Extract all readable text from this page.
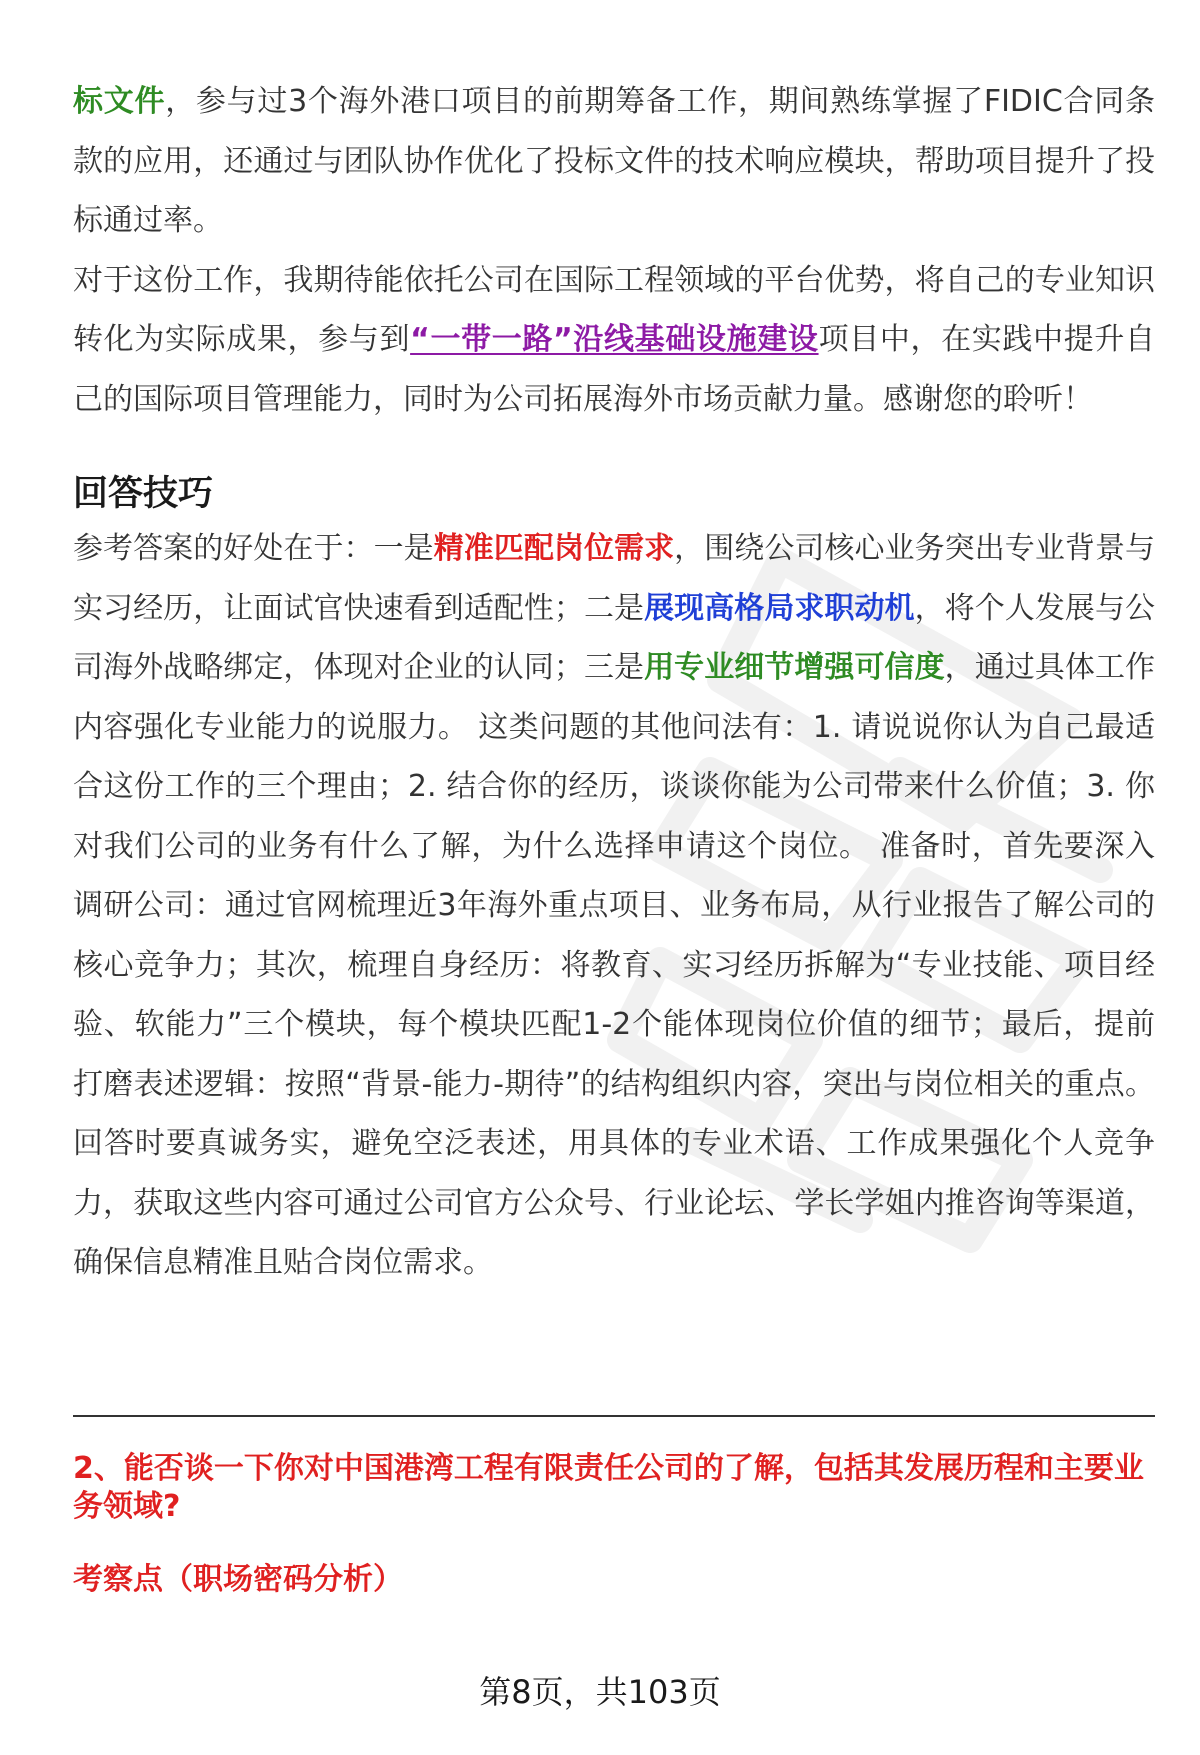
标文件，参与过3个海外港口项目的前期筹备工作，期间熟练掌握了FIDIC合同条款的应用，还通过与团队协作优化了投标文件的技术响应模块，帮助项目提升了投标通过率。

对于这份工作，我期待能依托公司在国际工程领域的平台优势，将自己的专业知识转化为实际成果，参与到“一带一路”沿线基础设施建设项目中，在实践中提升自己的国际项目管理能力，同时为公司拓展海外市场贡献力量。感谢您的聆听！

回答技巧

参考答案的好处在于：一是精准匹配岗位需求，围绕公司核心业务突出专业背景与实习经历，让面试官快速看到适配性；二是展现高格局求职动机，将个人发展与公司海外战略绑定，体现对企业的认同；三是用专业细节增强可信度，通过具体工作内容强化专业能力的说服力。 这类问题的其他问法有：1. 请说说你认为自己最适合这份工作的三个理由；2. 结合你的经历，谈谈你能为公司带来什么价值；3. 你对我们公司的业务有什么了解，为什么选择申请这个岗位。 准备时，首先要深入调研公司：通过官网梳理近3年海外重点项目、业务布局，从行业报告了解公司的核心竞争力；其次，梳理自身经历：将教育、实习经历拆解为“专业技能、项目经验、软能力”三个模块，每个模块匹配1-2个能体现岗位价值的细节；最后，提前打磨表述逻辑：按照“背景-能力-期待”的结构组织内容，突出与岗位相关的重点。回答时要真诚务实，避免空泛表述，用具体的专业术语、工作成果强化个人竞争力，获取这些内容可通过公司官方公众号、行业论坛、学长学姐内推咨询等渠道，确保信息精准且贴合岗位需求。

2、能否谈一下你对中国港湾工程有限责任公司的了解，包括其发展历程和主要业务领域?

考察点（职场密码分析）

第8页，共103页
